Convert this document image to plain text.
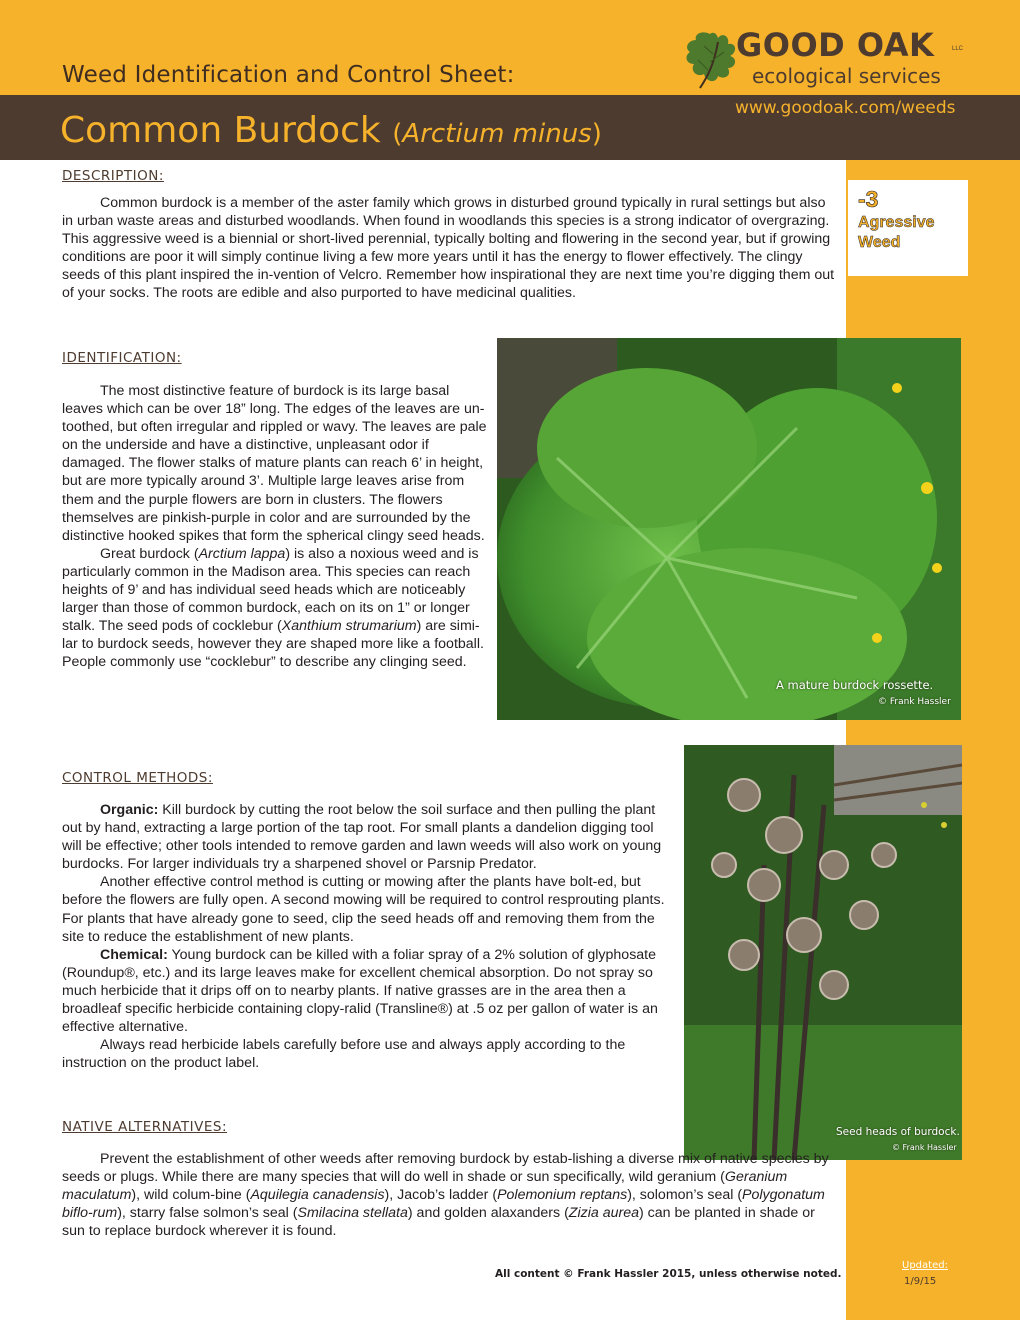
Weed Identification and Control Sheet:
Common Burdock (Arctium minus)
GOOD OAK	LLC
ecological services
www.goodoak.com/weeds
-3
Agressive
Weed
DESCRIPTION:

Common burdock is a member of the aster family which grows in disturbed ground typically in rural settings but also in urban waste areas and disturbed woodlands. When found in woodlands this species is a strong indicator of overgrazing. This aggressive weed is a biennial or short-lived perennial, typically bolting and flowering in the second year, but if growing conditions are poor it will simply continue living a few more years until it has the energy to flower effectively. The clingy seeds of this plant inspired the in-vention of Velcro. Remember how inspirational they are next time you’re digging them out of your socks. The roots are edible and also purported to have medicinal qualities.

IDENTIFICATION:

The most distinctive feature of burdock is its large basal leaves which can be over 18” long. The edges of the leaves are un-toothed, but often irregular and rippled or wavy. The leaves are pale on the underside and have a distinctive, unpleasant odor if damaged. The flower stalks of mature plants can reach 6’ in height, but are more typically around 3’. Multiple large leaves arise from them and the purple flowers are born in clusters. The flowers themselves are pinkish-purple in color and are surrounded by the distinctive hooked spikes that form the spherical clingy seed heads.

Great burdock (Arctium lappa) is also a noxious weed and is particularly common in the Madison area. This species can reach heights of 9’ and has individual seed heads which are noticeably larger than those of common burdock, each on its on 1” or longer stalk. The seed pods of cocklebur (Xanthium strumarium) are simi-lar to burdock seeds, however they are shaped more like a football. People commonly use “cocklebur” to describe any clinging seed.

A mature burdock rossette.
© Frank Hassler
CONTROL METHODS:

Organic: Kill burdock by cutting the root below the soil surface and then pulling the plant out by hand, extracting a large portion of the tap root. For small plants a dandelion digging tool will be effective; other tools intended to remove garden and lawn weeds will also work on young burdocks. For larger individuals try a sharpened shovel or Parsnip Predator.

Another effective control method is cutting or mowing after the plants have bolt-ed, but before the flowers are fully open. A second mowing will be required to control resprouting plants. For plants that have already gone to seed, clip the seed heads off and removing them from the site to reduce the establishment of new plants.

Chemical: Young burdock can be killed with a foliar spray of a 2% solution of glyphosate (Roundup®, etc.) and its large leaves make for excellent chemical absorption. Do not spray so much herbicide that it drips off on to nearby plants. If native grasses are in the area then a broadleaf specific herbicide containing clopy-ralid (Transline®) at .5 oz per gallon of water is an effective alternative.

Always read herbicide labels carefully before use and always apply according to the instruction on the product label.

Seed heads of burdock.
© Frank Hassler
NATIVE ALTERNATIVES:

Prevent the establishment of other weeds after removing burdock by estab-lishing a diverse mix of native species by seeds or plugs. While there are many species that will do well in shade or sun specifically, wild geranium (Geranium maculatum), wild colum-bine (Aquilegia canadensis), Jacob’s ladder (Polemonium reptans), solomon’s seal (Polygonatum biflo-rum), starry false solmon’s seal (Smilacina stellata) and golden alaxanders (Zizia aurea) can be planted in shade or sun to replace burdock wherever it is found.

All content © Frank Hassler 2015, unless otherwise noted.
Updated:
1/9/15
